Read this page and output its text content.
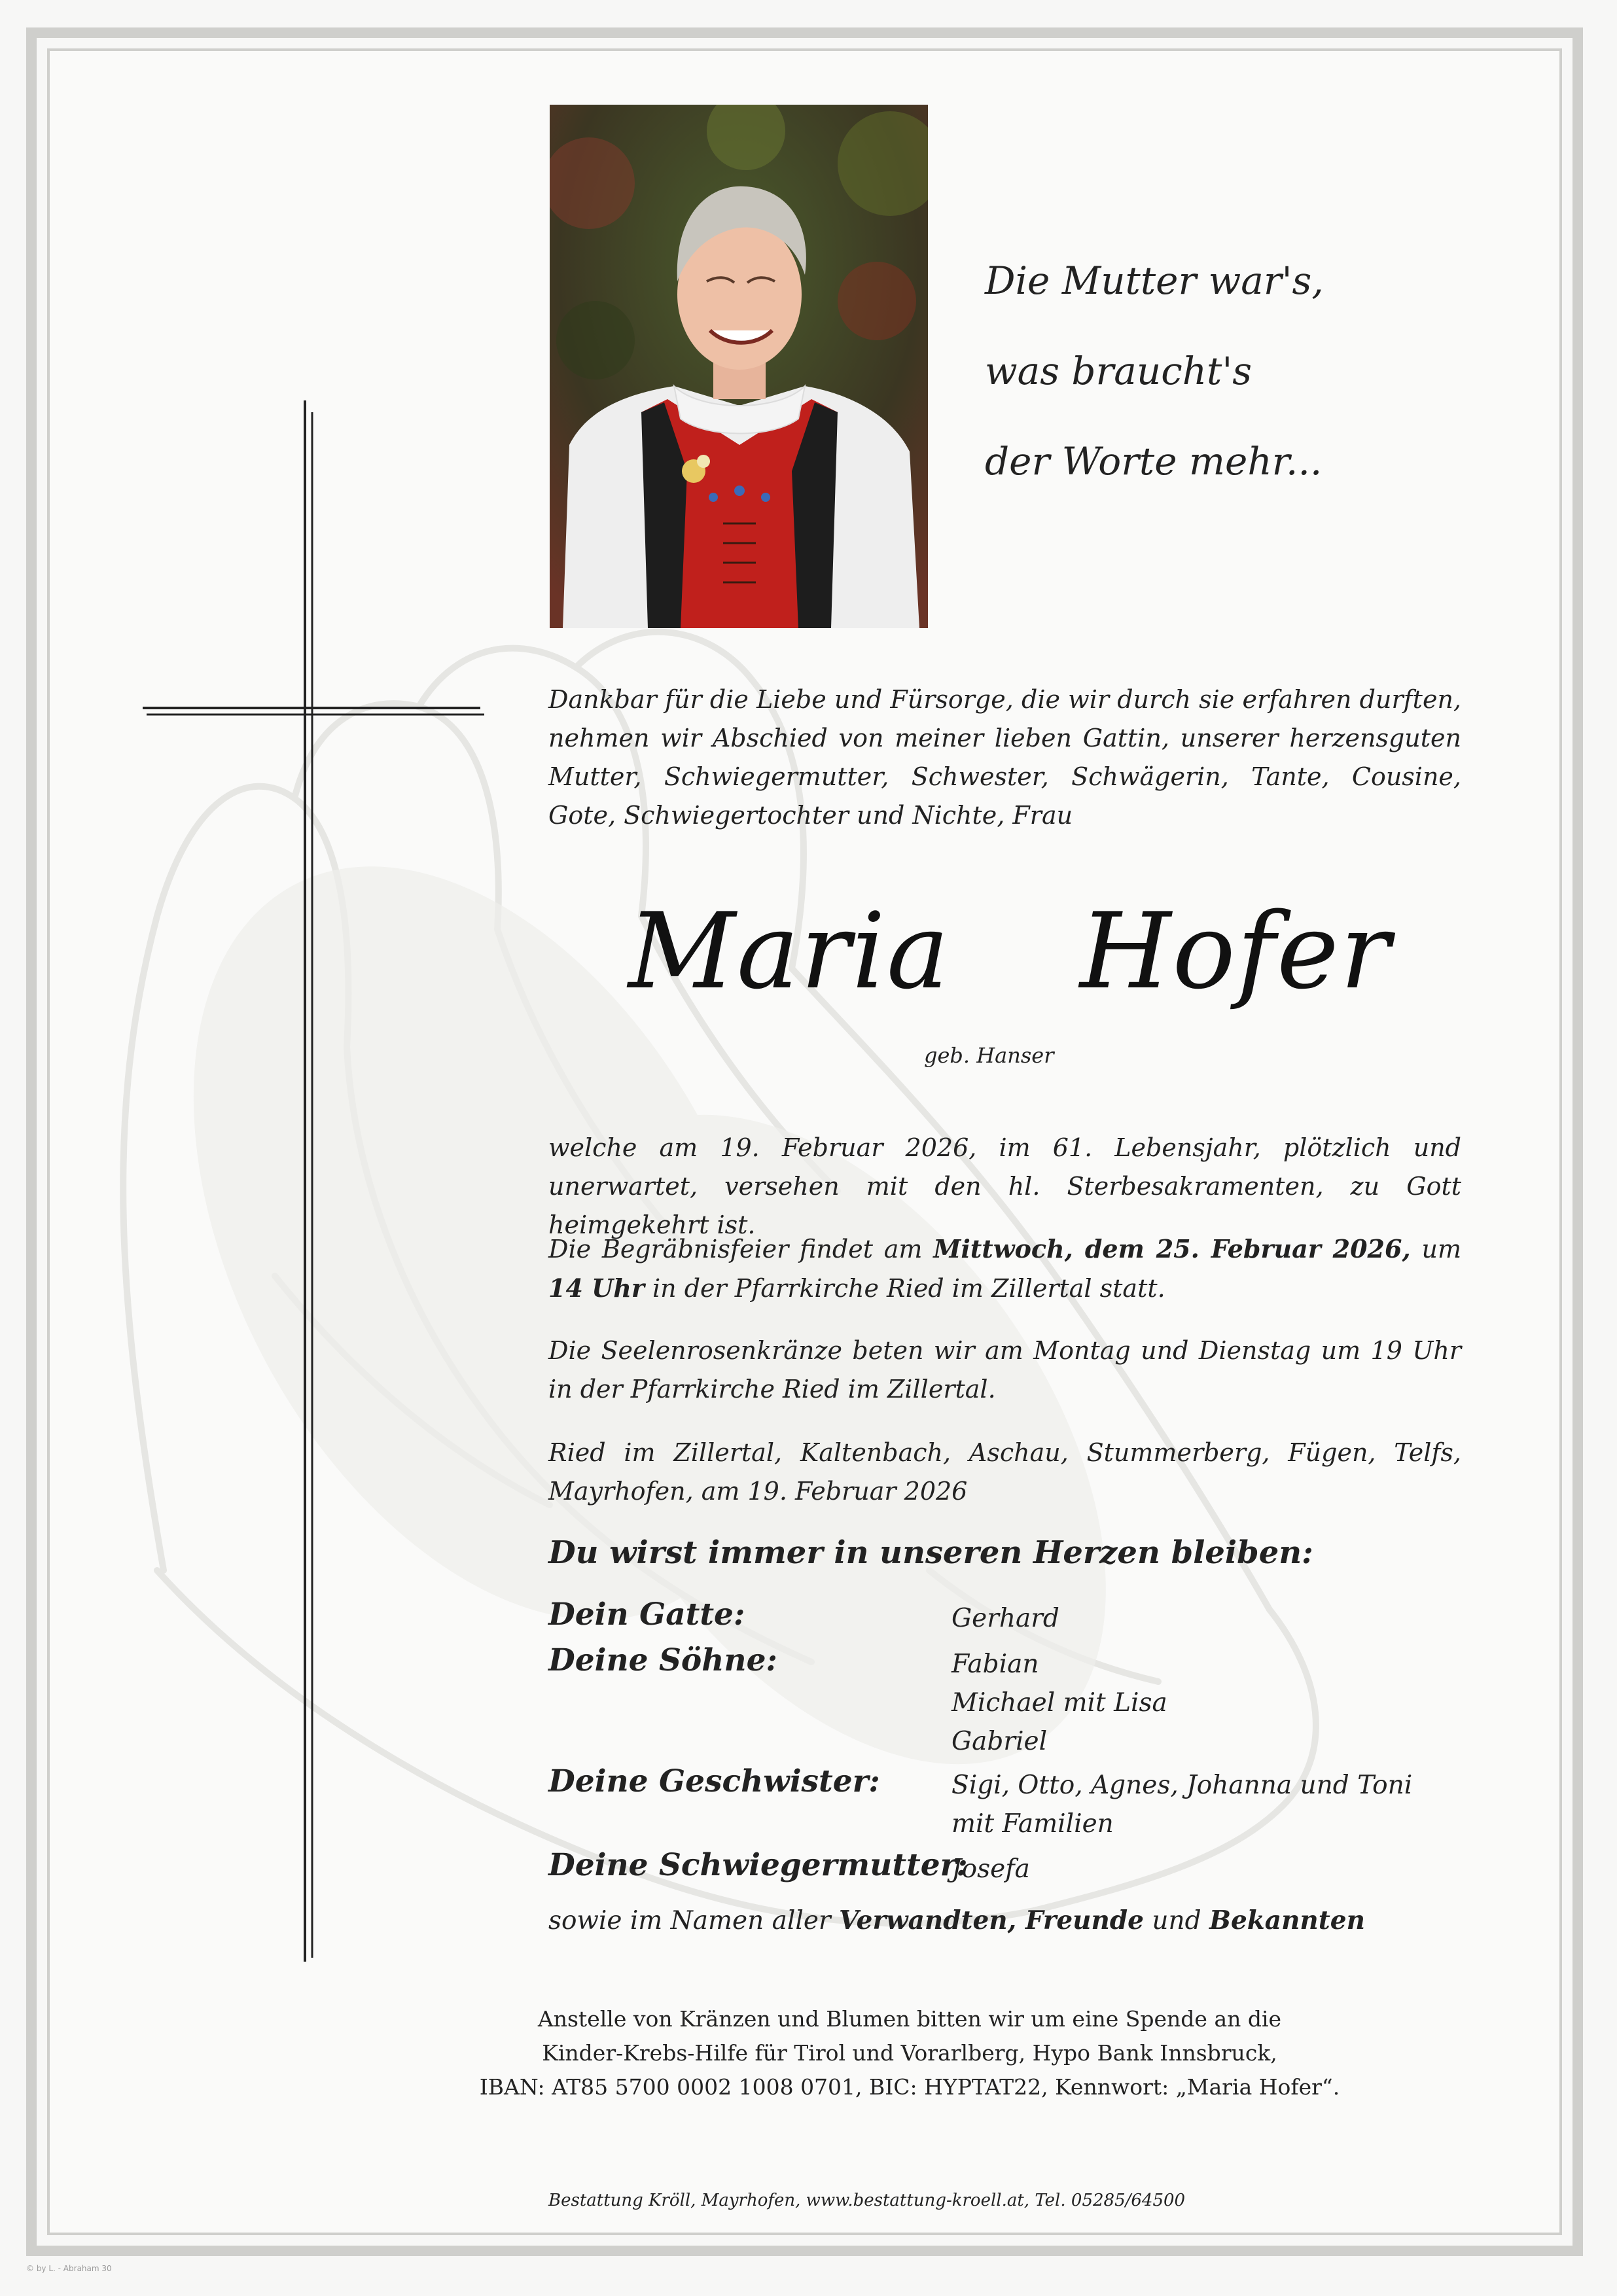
Die Mutter war's,
was braucht's
der Worte mehr...
Dankbar für die Liebe und Fürsorge, die wir durch sie erfahren durften, nehmen wir Abschied von meiner lieben Gattin, unserer herzensguten Mutter, Schwiegermutter, Schwester, Schwägerin, Tante, Cousine, Gote, Schwiegertochter und Nichte, Frau
Maria Hofer
geb. Hanser
welche am 19. Februar 2026, im 61. Lebensjahr, plötzlich und unerwartet, versehen mit den hl. Sterbesakramenten, zu Gott heimgekehrt ist.
Die Begräbnisfeier findet am Mittwoch, dem 25. Februar 2026, um 14 Uhr in der Pfarrkirche Ried im Zillertal statt.
Die Seelenrosenkränze beten wir am Montag und Dienstag um 19 Uhr in der Pfarrkirche Ried im Zillertal.
Ried im Zillertal, Kaltenbach, Aschau, Stummerberg, Fügen, Telfs, Mayrhofen, am 19. Februar 2026
Du wirst immer in unseren Herzen bleiben:
Dein Gatte:	Gerhard
Deine Söhne:	Fabian
Michael mit Lisa
Gabriel
Deine Geschwister:	Sigi, Otto, Agnes, Johanna und Toni
mit Familien
Deine Schwiegermutter:
Josefa
sowie im Namen aller Verwandten, Freunde und Bekannten
Anstelle von Kränzen und Blumen bitten wir um eine Spende an die
Kinder-Krebs-Hilfe für Tirol und Vorarlberg, Hypo Bank Innsbruck,
IBAN: AT85 5700 0002 1008 0701, BIC: HYPTAT22, Kennwort: „Maria Hofer“.
Bestattung Kröll, Mayrhofen, www.bestattung-kroell.at, Tel. 05285/64500
© by L. - Abraham 30
